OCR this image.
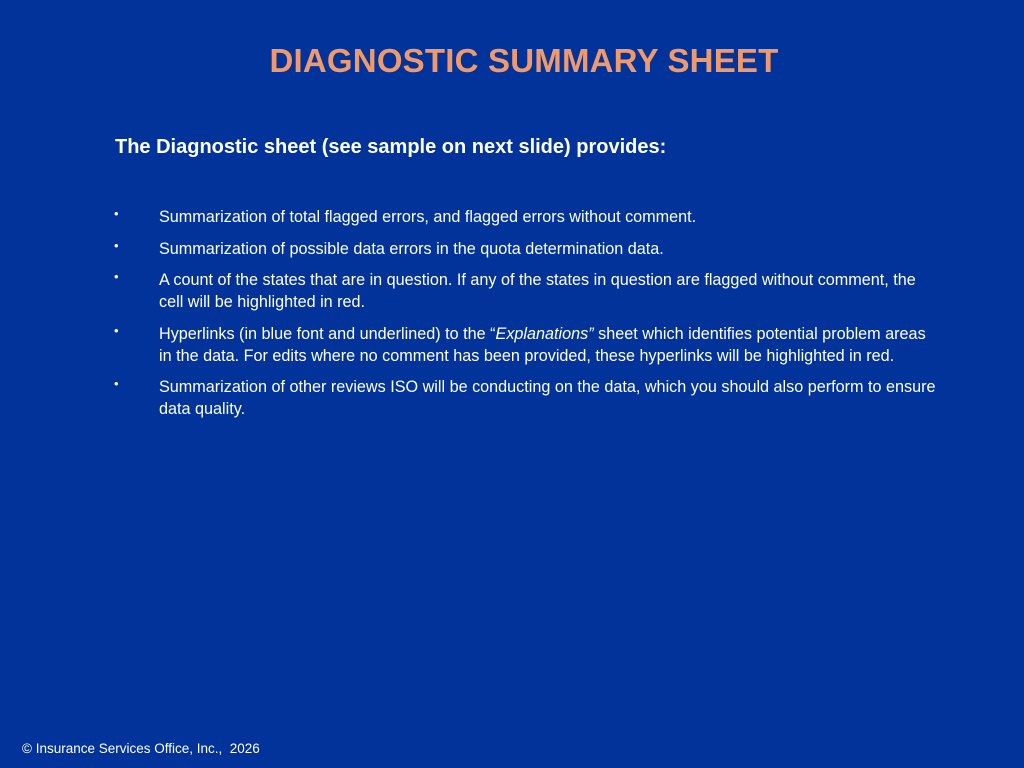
DIAGNOSTIC SUMMARY SHEET
The Diagnostic sheet (see sample on next slide) provides:
• Summarization of total flagged errors, and flagged errors without comment.
• Summarization of possible data errors in the quota determination data.
• A count of the states that are in question. If any of the states in question are flagged without comment, the cell will be highlighted in red.
• Hyperlinks (in blue font and underlined) to the “Explanations” sheet which identifies potential problem areas in the data. For edits where no comment has been provided, these hyperlinks will be highlighted in red.
• Summarization of other reviews ISO will be conducting on the data, which you should also perform to ensure data quality.
© Insurance Services Office, Inc.,  2026
